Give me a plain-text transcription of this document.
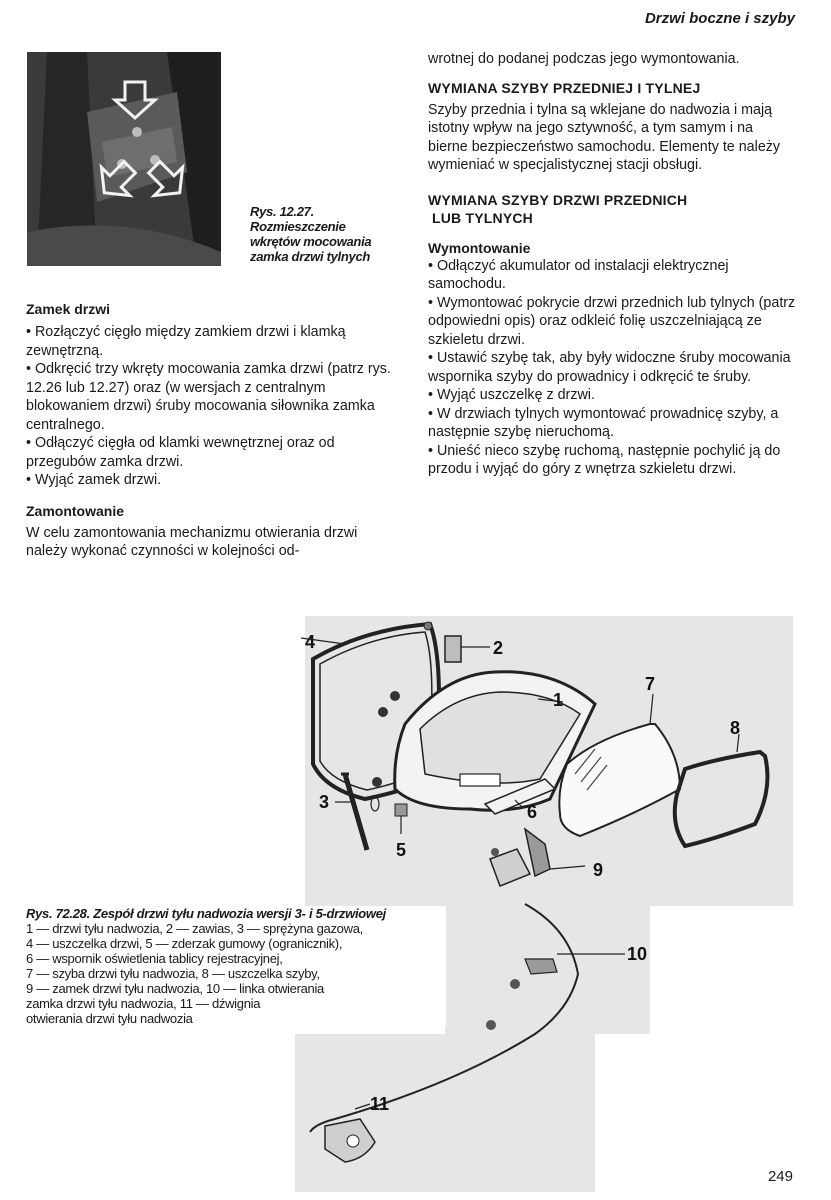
Drzwi boczne i szyby
Rys. 12.27.
Rozmieszczenie
wkrętów mocowania
zamka drzwi tylnych
Zamek drzwi

• Rozłączyć cięgło między zamkiem drzwi i klamką zewnętrzną.

• Odkręcić trzy wkręty mocowania zamka drzwi (patrz rys. 12.26 lub 12.27) oraz (w wersjach z centralnym blokowaniem drzwi) śruby mocowania siłownika zamka centralnego.

• Odłączyć cięgła od klamki wewnętrznej oraz od przegubów zamka drzwi.

• Wyjąć zamek drzwi.

Zamontowanie

W celu zamontowania mechanizmu otwierania drzwi należy wykonać czynności w kolejności od-

wrotnej do podanej podczas jego wymontowania.

WYMIANA SZYBY PRZEDNIEJ I TYLNEJ

Szyby przednia i tylna są wklejane do nadwozia i mają istotny wpływ na jego sztywność, a tym samym i na bierne bezpieczeństwo samochodu. Elementy te należy wymieniać w specjalistycznej stacji obsługi.

WYMIANA SZYBY DRZWI PRZEDNICH
LUB TYLNYCH
Wymontowanie

• Odłączyć akumulator od instalacji elektrycznej samochodu.

• Wymontować pokrycie drzwi przednich lub tylnych (patrz odpowiedni opis) oraz odkleić folię uszczelniającą ze szkieletu drzwi.

• Ustawić szybę tak, aby były widoczne śruby mocowania wspornika szyby do prowadnicy i odkręcić te śruby.

• Wyjąć uszczelkę z drzwi.

• W drzwiach tylnych wymontować prowadnicę szyby, a następnie szybę nieruchomą.

• Unieść nieco szybę ruchomą, następnie pochylić ją do przodu i wyjąć do góry z wnętrza szkieletu drzwi.

4	2
1
7
8
3
5
6
9
10
11
Rys. 72.28. Zespół drzwi tyłu nadwozia wersji 3- i 5-drzwiowej
1 — drzwi tyłu nadwozia, 2 — zawias, 3 — sprężyna gazowa,
4 — uszczelka drzwi, 5 — zderzak gumowy (ogranicznik),
6 — wspornik oświetlenia tablicy rejestracyjnej,
7 — szyba drzwi tyłu nadwozia, 8 — uszczelka szyby,
9 — zamek drzwi tyłu nadwozia, 10 — linka otwierania
zamka drzwi tyłu nadwozia, 11 — dźwignia
otwierania drzwi tyłu nadwozia
249
